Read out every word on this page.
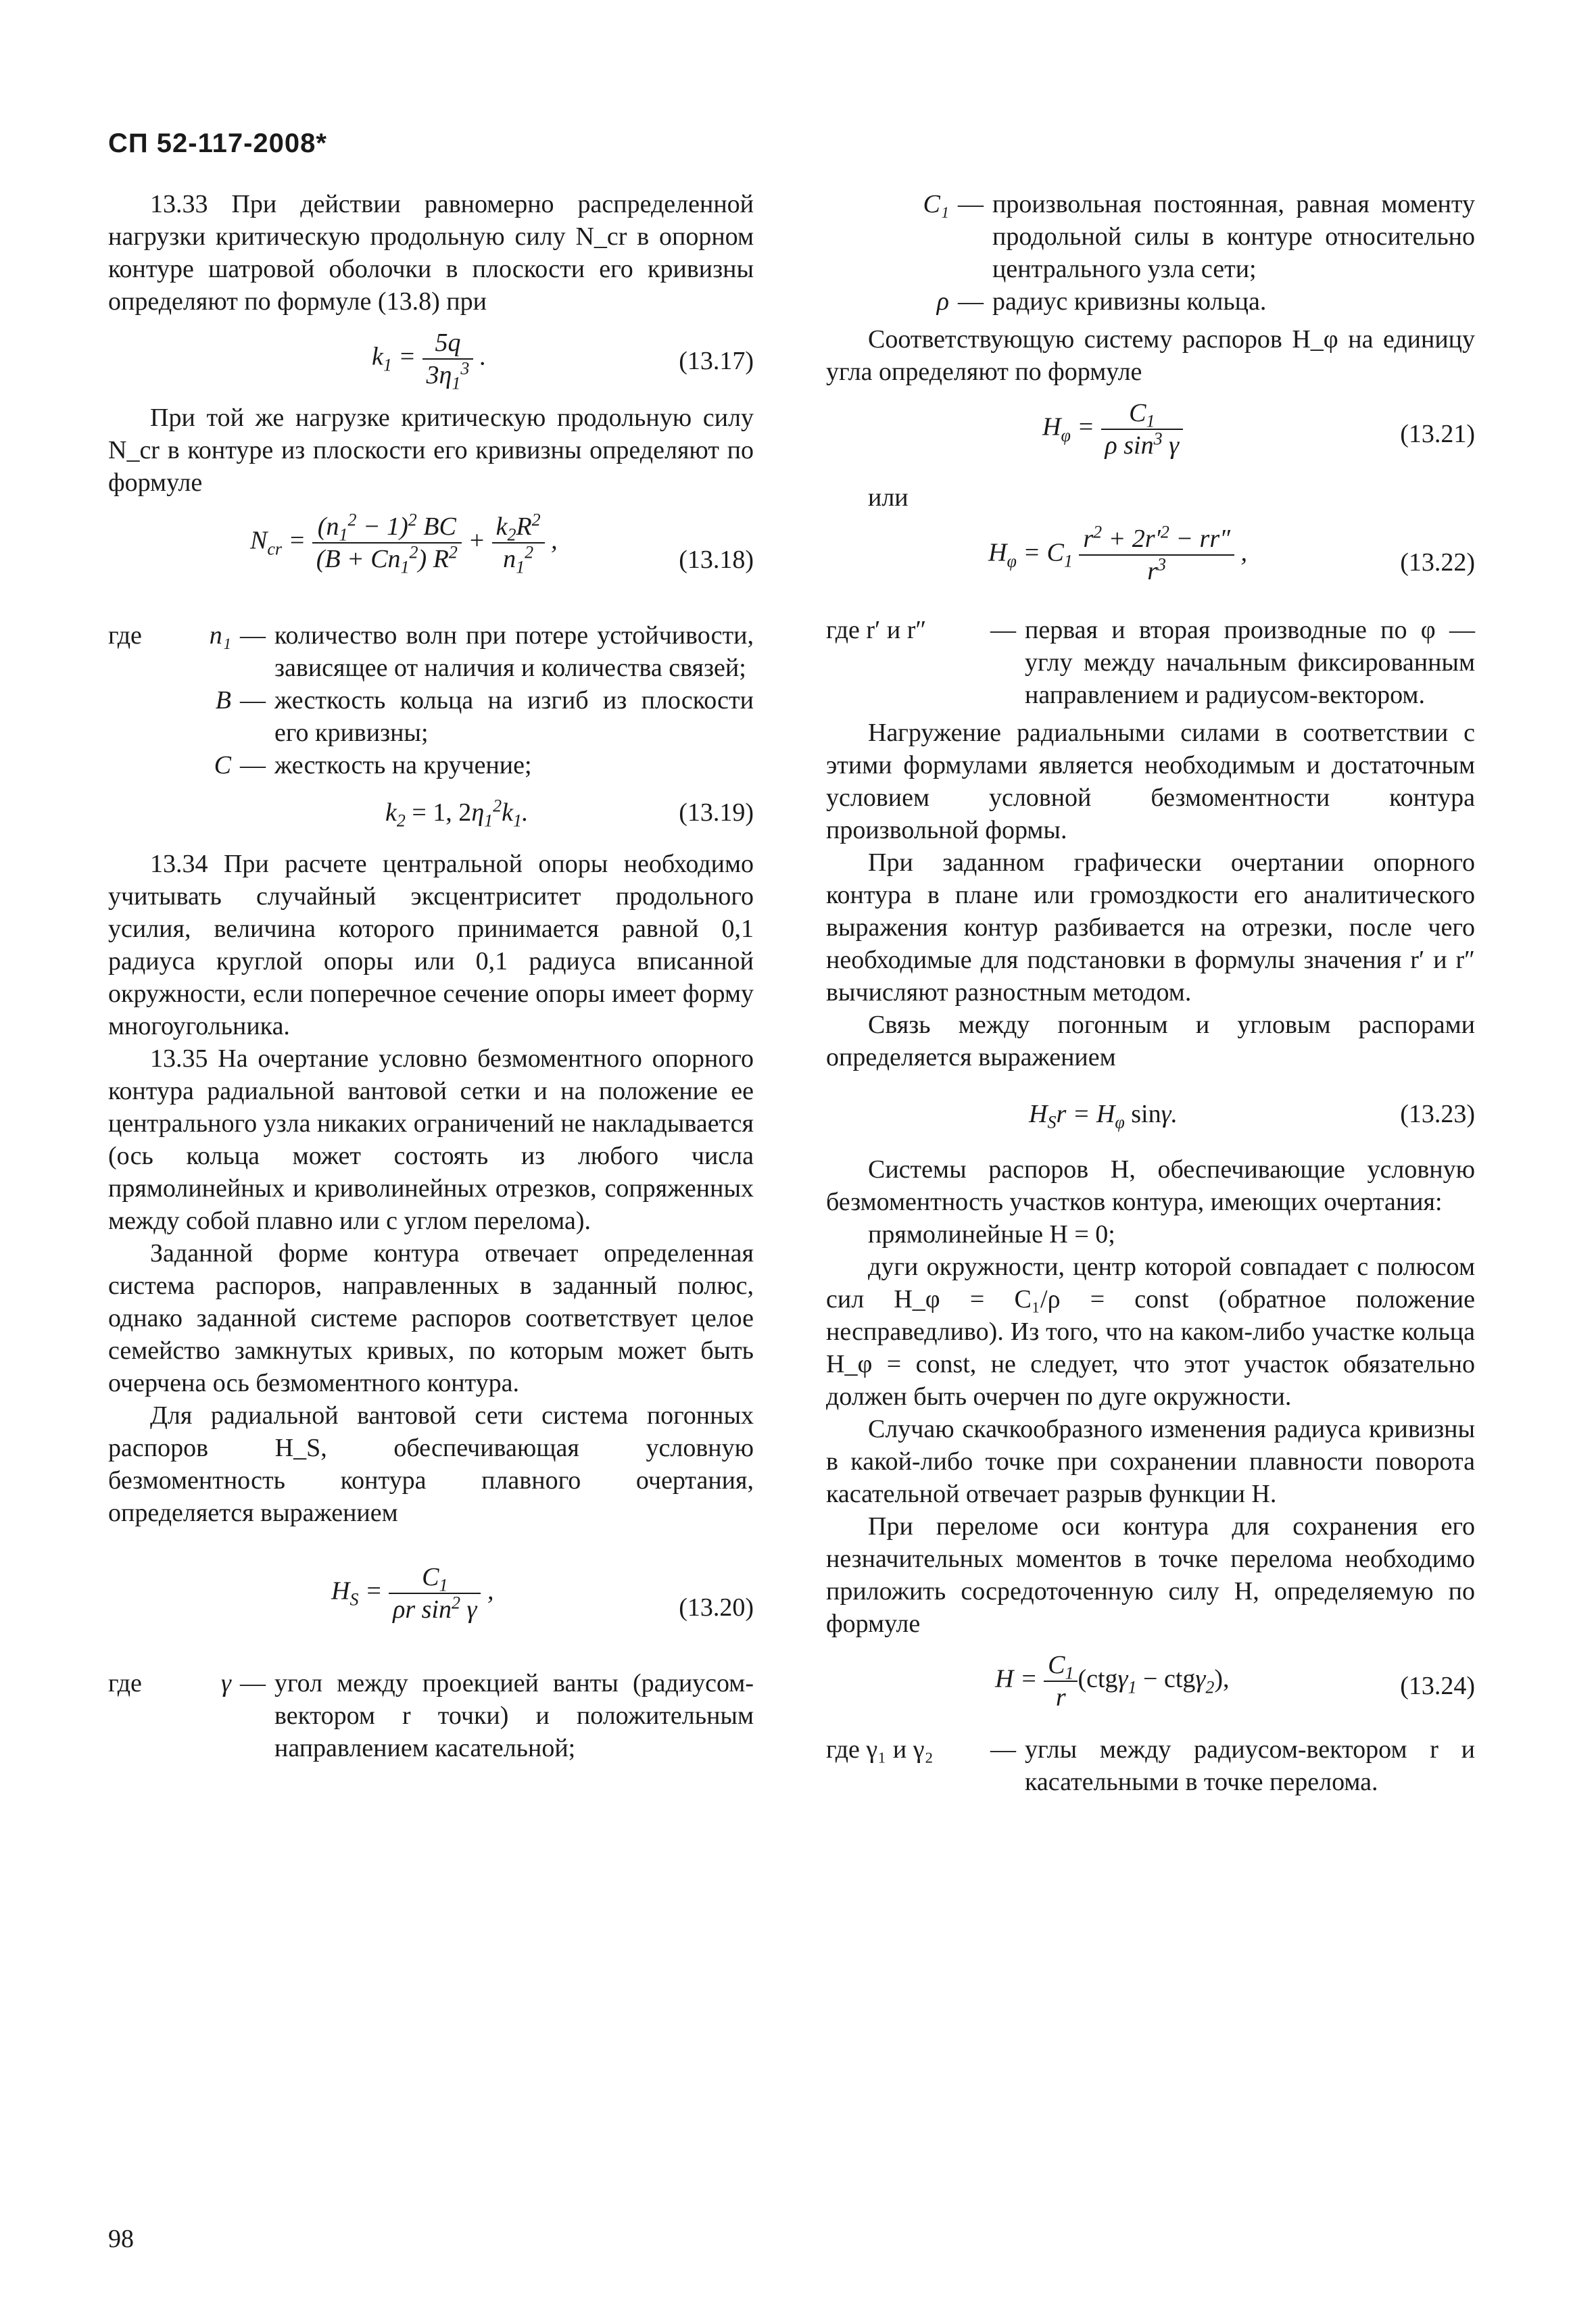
СП 52-117-2008*

13.33 При действии равномерно распределенной нагрузки критическую продольную силу N_cr в опорном контуре шатровой оболочки в плоскости его кривизны определяют по формуле (13.8) при

$k_1 = \frac{5q}{3\eta_1^3}$ .	(13.17)

При той же нагрузке критическую продольную силу N_cr в контуре из плоскости его кривизны определяют по формуле

$N_{cr} = \frac{(n_1^2 - 1)^2 BC}{(B + Cn_1^2) R^2} + \frac{k_2R^2}{n_1^2}$ ,
(13.18)
где	n₁ — количество волн при потере устойчивости, зависящее от наличия и количества связей;
B — жесткость кольца на изгиб из плоскости его кривизны;
C — жесткость на кручение;
$k_2 = 1$, $2\eta_1^2k_1$.	(13.19)

13.34 При расчете центральной опоры необходимо учитывать случайный эксцентриситет продольного усилия, величина которого принимается равной 0,1 радиуса круглой опоры или 0,1 радиуса вписанной окружности, если поперечное сечение опоры имеет форму многоугольника.

13.35 На очертание условно безмоментного опорного контура радиальной вантовой сетки и на положение ее центрального узла никаких ограничений не накладывается (ось кольца может состоять из любого числа прямолинейных и криволинейных отрезков, сопряженных между собой плавно или с углом перелома).

Заданной форме контура отвечает определенная система распоров, направленных в заданный полюс, однако заданной системе распоров соответствует целое семейство замкнутых кривых, по которым может быть очерчена ось безмоментного контура.

Для радиальной вантовой сети система погонных распоров H_S, обеспечивающая условную безмоментность контура плавного очертания, определяется выражением

$H_S = \frac{C_1}{\rho r \sin^2 \gamma}$ ,
(13.20)
где	γ — угол между проекцией ванты (радиусом-вектором r точки) и положительным направлением касательной;
C₁ — произвольная постоянная, равная моменту продольной силы в контуре относительно центрального узла сети;
ρ — радиус кривизны кольца.

Соответствующую систему распоров H_φ на единицу угла определяют по формуле

$H_\varphi = \frac{C_1}{\rho \sin^3 \gamma}$	(13.21)

или

$H_\varphi = C_1 \frac{r^2 + 2r'^2 - rr''}{r^3}$ ,	(13.22)
где r′ и r″	— первая и вторая производные по φ — углу между начальным фиксированным направлением и радиусом-вектором.

Нагружение радиальными силами в соответствии с этими формулами является необходимым и достаточным условием условной безмоментности контура произвольной формы.

При заданном графически очертании опорного контура в плане или громоздкости его аналитического выражения контур разбивается на отрезки, после чего необходимые для подстановки в формулы значения r′ и r″ вычисляют разностным методом.

Связь между погонным и угловым распорами определяется выражением

$H_Sr = H_\varphi$ sinγ.	(13.23)

Системы распоров H, обеспечивающие условную безмоментность участков контура, имеющих очертания:

прямолинейные H = 0;

дуги окружности, центр которой совпадает с полюсом сил H_φ = C₁/ρ = const (обратное положение несправедливо). Из того, что на каком-либо участке кольца H_φ = const, не следует, что этот участок обязательно должен быть очерчен по дуге окружности.

Случаю скачкообразного изменения радиуса кривизны в какой-либо точке при сохранении плавности поворота касательной отвечает разрыв функции H.

При переломе оси контура для сохранения его незначительных моментов в точке перелома необходимо приложить сосредоточенную силу H, определяемую по формуле

$H = \frac{C_1}{r} (ctg\gamma_1 - ctg\gamma_2)$,	(13.24)
где γ₁ и γ₂	— углы между радиусом-вектором r и касательными в точке перелома.
98
